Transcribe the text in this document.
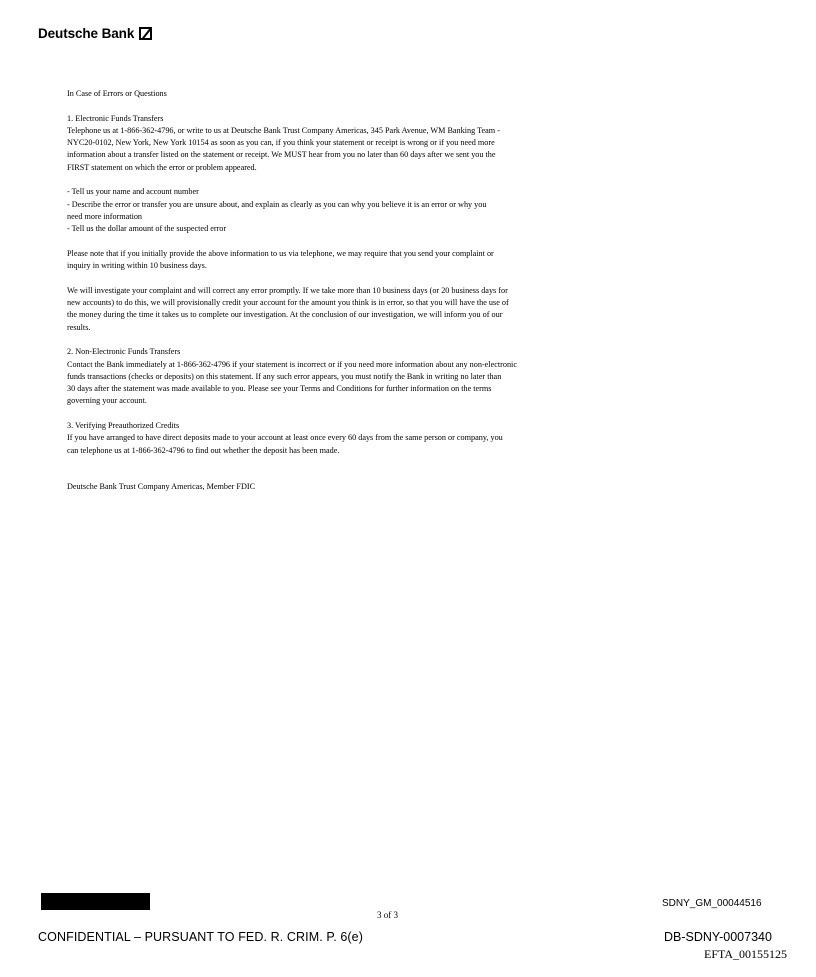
Deutsche Bank

In Case of Errors or Questions

1. Electronic Funds Transfers
Telephone us at 1-866-362-4796, or write to us at Deutsche Bank Trust Company Americas, 345 Park Avenue, WM Banking Team -
NYC20-0102, New York, New York 10154 as soon as you can, if you think your statement or receipt is wrong or if you need more
information about a transfer listed on the statement or receipt. We MUST hear from you no later than 60 days after we sent you the
FIRST statement on which the error or problem appeared.

- Tell us your name and account number
- Describe the error or transfer you are unsure about, and explain as clearly as you can why you believe it is an error or why you
need more information
- Tell us the dollar amount of the suspected error

Please note that if you initially provide the above information to us via telephone, we may require that you send your complaint or
inquiry in writing within 10 business days.

We will investigate your complaint and will correct any error promptly. If we take more than 10 business days (or 20 business days for
new accounts) to do this, we will provisionally credit your account for the amount you think is in error, so that you will have the use of
the money during the time it takes us to complete our investigation. At the conclusion of our investigation, we will inform you of our
results.

2. Non-Electronic Funds Transfers
Contact the Bank immediately at 1-866-362-4796 if your statement is incorrect or if you need more information about any non-electronic
funds transactions (checks or deposits) on this statement. If any such error appears, you must notify the Bank in writing no later than
30 days after the statement was made available to you. Please see your Terms and Conditions for further information on the terms
governing your account.

3. Verifying Preauthorized Credits
If you have arranged to have direct deposits made to your account at least once every 60 days from the same person or company, you
can telephone us at 1-866-362-4796 to find out whether the deposit has been made.

Deutsche Bank Trust Company Americas, Member FDIC

3 of 3
SDNY_GM_00044516
CONFIDENTIAL – PURSUANT TO FED. R. CRIM. P. 6(e)	DB-SDNY-0007340
EFTA_00155125
